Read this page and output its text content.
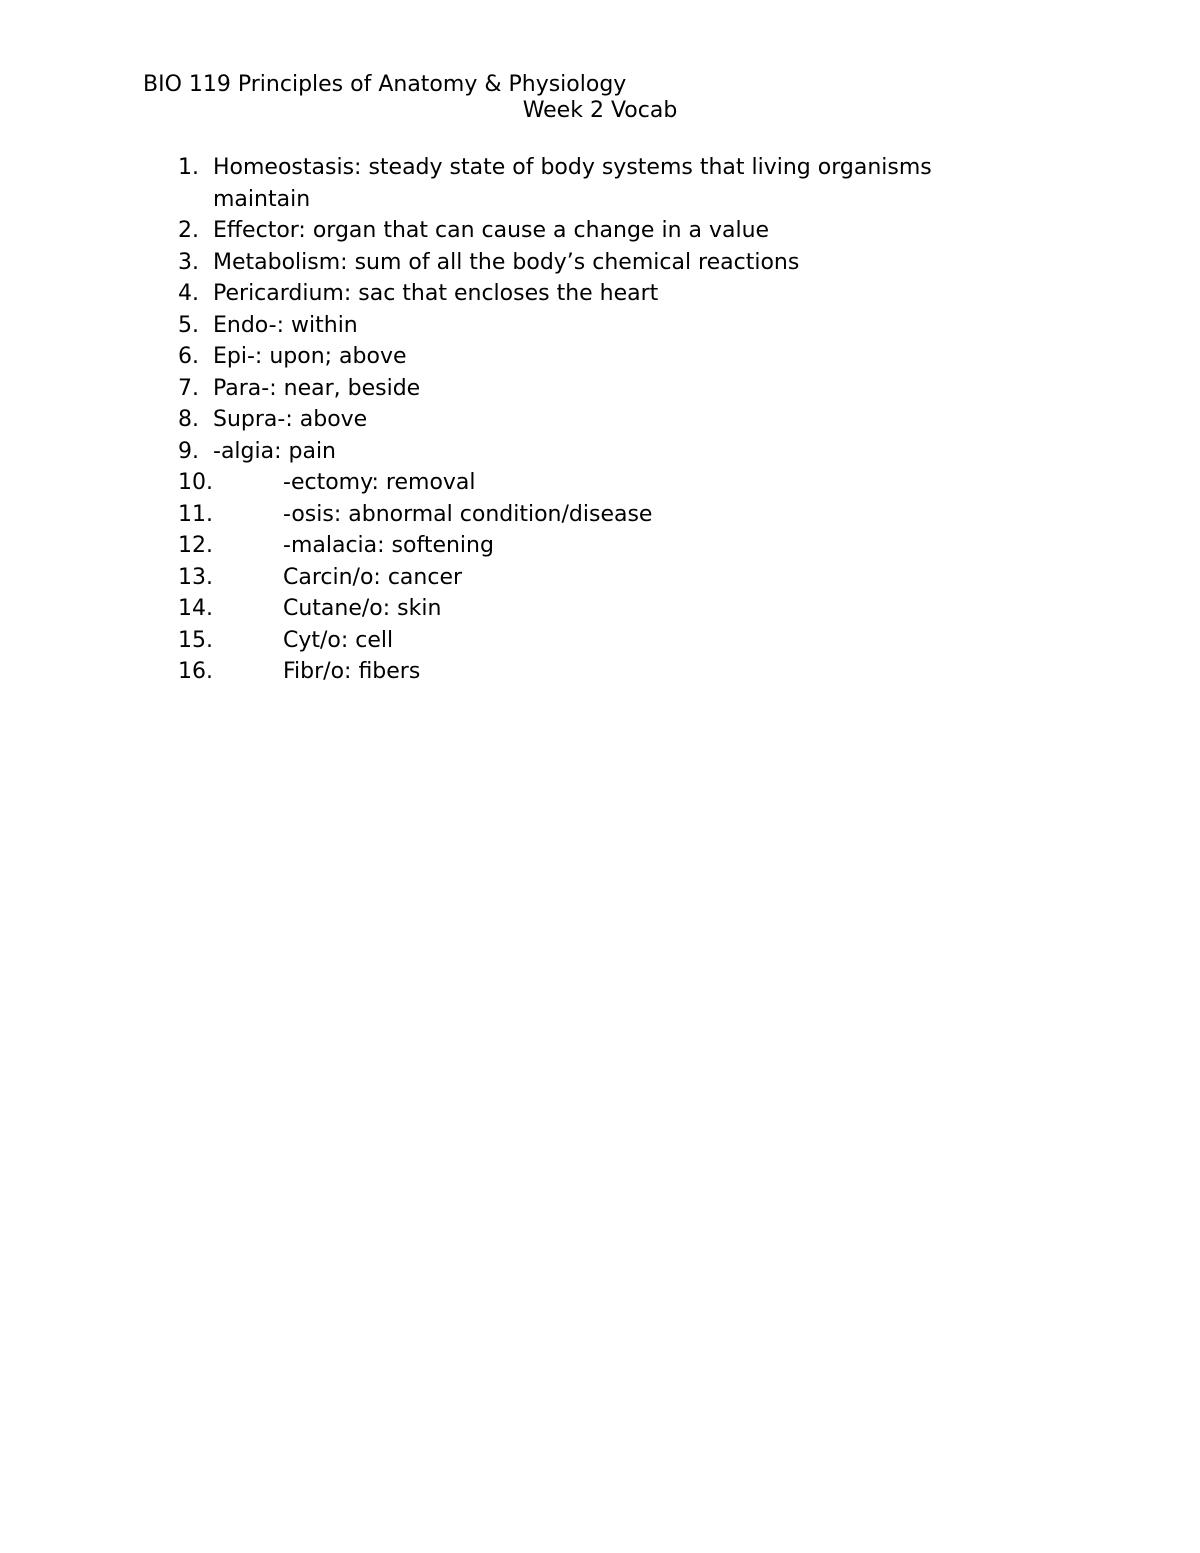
BIO 119 Principles of Anatomy & Physiology
Week 2 Vocab
1. Homeostasis: steady state of body systems that living organisms maintain
2. Effector: organ that can cause a change in a value
3. Metabolism: sum of all the body’s chemical reactions
4. Pericardium: sac that encloses the heart
5. Endo-: within
6. Epi-: upon; above
7. Para-: near, beside
8. Supra-: above
9. -algia: pain
10.	-ectomy: removal
11.	-osis: abnormal condition/disease
12.	-malacia: softening
13.	Carcin/o: cancer
14.	Cutane/o: skin
15.	Cyt/o: cell
16.	Fibr/o: fibers
